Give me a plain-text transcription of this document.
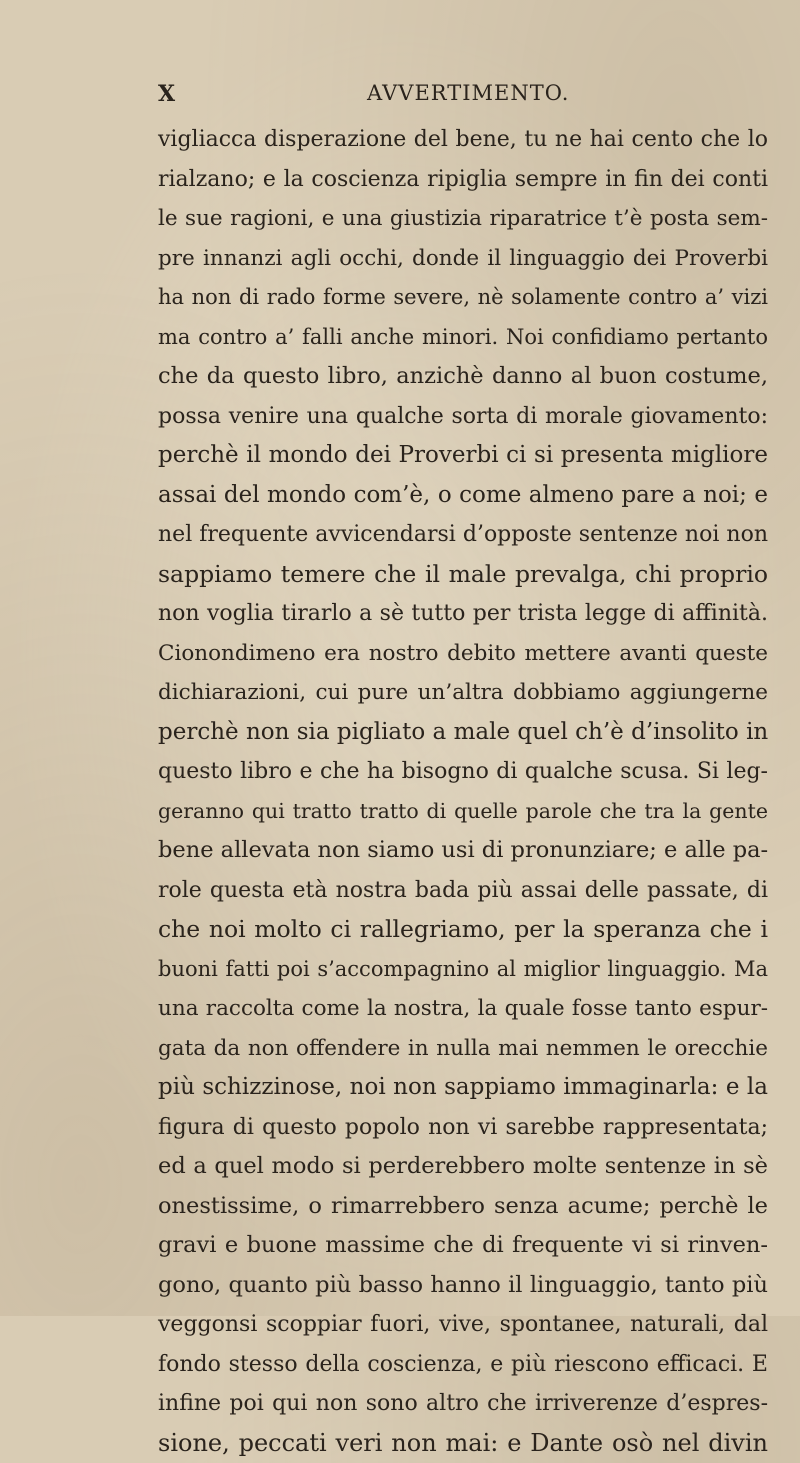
X	AVVERTIMENTO.
vigliacca disperazione del bene, tu ne hai cento che lo
rialzano; e la coscienza ripiglia sempre in fin dei conti
le sue ragioni, e una giustizia riparatrice t’è posta sem-
pre innanzi agli occhi, donde il linguaggio dei Proverbi
ha non di rado forme severe, nè solamente contro a’ vizi
ma contro a’ falli anche minori. Noi confidiamo pertanto
che da questo libro, anzichè danno al buon costume,
possa venire una qualche sorta di morale giovamento:
perchè il mondo dei Proverbi ci si presenta migliore
assai del mondo com’è, o come almeno pare a noi; e
nel frequente avvicendarsi d’opposte sentenze noi non
sappiamo temere che il male prevalga, chi proprio
non voglia tirarlo a sè tutto per trista legge di affinità.
Cionondimeno era nostro debito mettere avanti queste
dichiarazioni, cui pure un’altra dobbiamo aggiungerne
perchè non sia pigliato a male quel ch’è d’insolito in
questo libro e che ha bisogno di qualche scusa. Si leg-
geranno qui tratto tratto di quelle parole che tra la gente
bene allevata non siamo usi di pronunziare; e alle pa-
role questa età nostra bada più assai delle passate, di
che noi molto ci rallegriamo, per la speranza che i
buoni fatti poi s’accompagnino al miglior linguaggio. Ma
una raccolta come la nostra, la quale fosse tanto espur-
gata da non offendere in nulla mai nemmen le orecchie
più schizzinose, noi non sappiamo immaginarla: e la
figura di questo popolo non vi sarebbe rappresentata;
ed a quel modo si perderebbero molte sentenze in sè
onestissime, o rimarrebbero senza acume; perchè le
gravi e buone massime che di frequente vi si rinven-
gono, quanto più basso hanno il linguaggio, tanto più
veggonsi scoppiar fuori, vive, spontanee, naturali, dal
fondo stesso della coscienza, e più riescono efficaci. E
infine poi qui non sono altro che irriverenze d’espres-
sione, peccati veri non mai: e Dante osò nel divin
